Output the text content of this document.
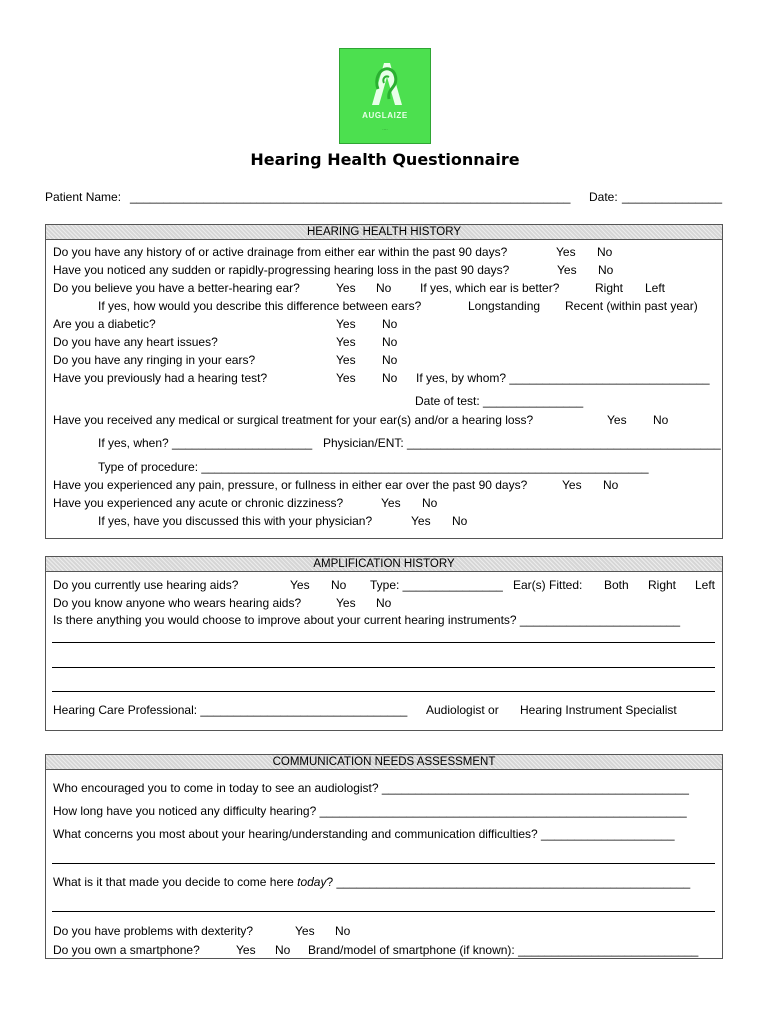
AUGLAIZE
....
Hearing Health Questionnaire
Patient Name: __________________________________________________________________ Date: _______________
HEARING HEALTH HISTORY
Do you have any history of or active drainage from either ear within the past 90 days?	Yes No
Have you noticed any sudden or rapidly-progressing hearing loss in the past 90 days?	Yes No
Do you believe you have a better-hearing ear?	Yes No If yes, which ear is better?	Right Left
If yes, how would you describe this difference between ears?	Longstanding Recent (within past year)
Are you a diabetic?	Yes No
Do you have any heart issues?	Yes No
Do you have any ringing in your ears?	Yes No
Have you previously had a hearing test?	Yes No If yes, by whom? ______________________________
Date of test: _______________
Have you received any medical or surgical treatment for your ear(s) and/or a hearing loss?	Yes No
If yes, when? _____________________ Physician/ENT: _______________________________________________
Type of procedure: ___________________________________________________________________
Have you experienced any pain, pressure, or fullness in either ear over the past 90 days?	Yes No
Have you experienced any acute or chronic dizziness?	Yes No
If yes, have you discussed this with your physician?	Yes No
AMPLIFICATION HISTORY
Do you currently use hearing aids?	Yes No Type: _______________ Ear(s) Fitted: Both Right Left
Do you know anyone who wears hearing aids?	Yes No
Is there anything you would choose to improve about your current hearing instruments? ________________________
Hearing Care Professional: _______________________________ Audiologist or Hearing Instrument Specialist
COMMUNICATION NEEDS ASSESSMENT
Who encouraged you to come in today to see an audiologist? ______________________________________________
How long have you noticed any difficulty hearing? _______________________________________________________
What concerns you most about your hearing/understanding and communication difficulties? ____________________
What is it that made you decide to come here today? _____________________________________________________
Do you have problems with dexterity?	Yes No
Do you own a smartphone?	Yes No Brand/model of smartphone (if known): ___________________________
